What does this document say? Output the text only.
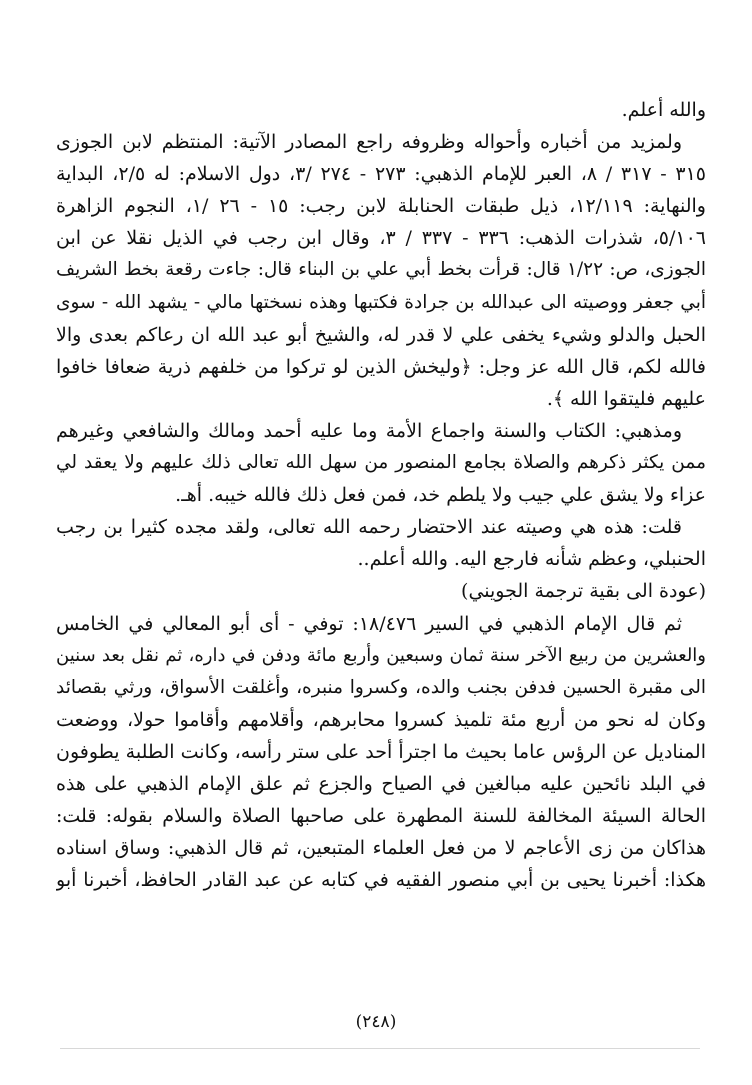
والله أعلم.
ولمزيد من أخباره وأحواله وظروفه راجع المصادر الآتية: المنتظم لابن الجوزى
٣١٥ - ٣١٧ / ٨، العبر للإمام الذهبي: ٢٧٣ - ٢٧٤ /٣، دول الاسلام: له ٢/٥، البداية
والنهاية: ١٢/١١٩، ذيل طبقات الحنابلة لابن رجب: ١٥ - ٢٦ /١، النجوم الزاهرة
٥/١٠٦، شذرات الذهب: ٣٣٦ - ٣٣٧ / ٣، وقال ابن رجب في الذيل نقلا عن ابن
الجوزى، ص: ١/٢٢ قال: قرأت بخط أبي علي بن البناء قال: جاءت رقعة بخط الشريف
أبي جعفر ووصيته الى عبدالله بن جرادة فكتبها وهذه نسختها مالي - يشهد الله - سوى
الحبل والدلو وشيء يخفى علي لا قدر له، والشيخ أبو عبد الله ان رعاكم بعدى والا
فالله لكم، قال الله عز وجل: ﴿وليخش الذين لو تركوا من خلفهم ذرية ضعافا خافوا
عليهم فليتقوا الله ﴾.
ومذهبي: الكتاب والسنة واجماع الأمة وما عليه أحمد ومالك والشافعي وغيرهم
ممن يكثر ذكرهم والصلاة بجامع المنصور من سهل الله تعالى ذلك عليهم ولا يعقد لي
عزاء ولا يشق علي جيب ولا يلطم خد، فمن فعل ذلك فالله خيبه. أهـ.
قلت: هذه هي وصيته عند الاحتضار رحمه الله تعالى، ولقد مجده كثيرا بن رجب
الحنبلي، وعظم شأنه فارجع اليه. والله أعلم..
(عودة الى بقية ترجمة الجويني)
ثم قال الإمام الذهبي في السير ١٨/٤٧٦: توفي - أى أبو المعالي في الخامس
والعشرين من ربيع الآخر سنة ثمان وسبعين وأربع مائة ودفن في داره، ثم نقل بعد سنين
الى مقبرة الحسين فدفن بجنب والده، وكسروا منبره، وأغلقت الأسواق، ورثي بقصائد
وكان له نحو من أربع مئة تلميذ كسروا محابرهم، وأقلامهم وأقاموا حولا، ووضعت
المناديل عن الرؤس عاما بحيث ما اجترأ أحد على ستر رأسه، وكانت الطلبة يطوفون
في البلد نائحين عليه مبالغين في الصياح والجزع ثم علق الإمام الذهبي على هذه
الحالة السيئة المخالفة للسنة المطهرة على صاحبها الصلاة والسلام بقوله: قلت:
هذاكان من زى الأعاجم لا من فعل العلماء المتبعين، ثم قال الذهبي: وساق اسناده
هكذا: أخبرنا يحيى بن أبي منصور الفقيه في كتابه عن عبد القادر الحافظ، أخبرنا أبو
(٢٤٨)
